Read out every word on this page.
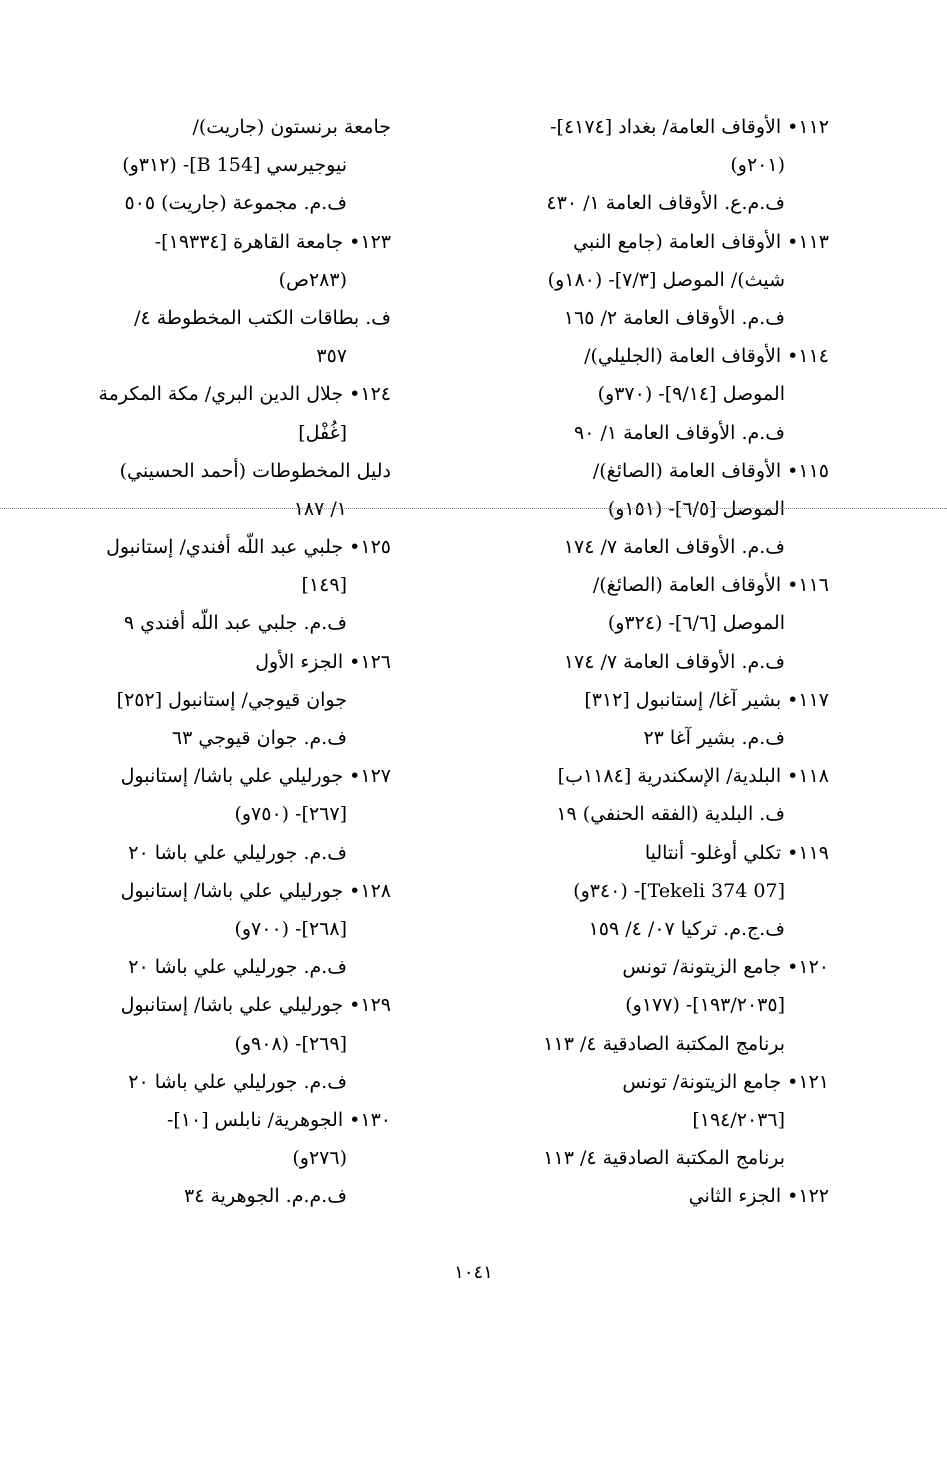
١١٢• الأوقاف العامة/ بغداد [٤١٧٤]-
(٢٠١و)
ف.م.ع. الأوقاف العامة ١/ ٤٣٠
١١٣• الأوقاف العامة (جامع النبي
شيث)/ الموصل [٧/٣]- (١٨٠و)
ف.م. الأوقاف العامة ٢/ ١٦٥
١١٤• الأوقاف العامة (الجليلي)/
الموصل [٩/١٤]- (٣٧٠و)
ف.م. الأوقاف العامة ١/ ٩٠
١١٥• الأوقاف العامة (الصائغ)/
الموصل [٦/٥]- (١٥١و)
ف.م. الأوقاف العامة ٧/ ١٧٤
١١٦• الأوقاف العامة (الصائغ)/
الموصل [٦/٦]- (٣٢٤و)
ف.م. الأوقاف العامة ٧/ ١٧٤
١١٧• بشير آغا/ إستانبول [٣١٢]
ف.م. بشير آغا ٢٣
١١٨• البلدية/ الإسكندرية [١١٨٤ب]
ف. البلدية (الفقه الحنفي) ١٩
١١٩• تكلي أوغلو- أنتاليا
[07 Tekeli 374]- (٣٤٠و)
ف.ج.م. تركيا ٠٧/ ٤/ ١٥٩
١٢٠• جامع الزيتونة/ تونس
[١٩٣/٢٠٣٥]- (١٧٧و)
برنامج المكتبة الصادقية ٤/ ١١٣
١٢١• جامع الزيتونة/ تونس
[١٩٤/٢٠٣٦]
برنامج المكتبة الصادقية ٤/ ١١٣
١٢٢• الجزء الثاني
جامعة برنستون (جاريت)/
نيوجيرسي [154 B]- (٣١٢و)
ف.م. مجموعة (جاريت) ٥٠٥
١٢٣• جامعة القاهرة [١٩٣٣٤]-
(٢٨٣ص)
ف. بطاقات الكتب المخطوطة ٤/
٣٥٧
١٢٤• جلال الدين البري/ مكة المكرمة
[غُفْل]
دليل المخطوطات (أحمد الحسيني)
١/ ١٨٧
١٢٥• جلبي عبد اللّه أفندي/ إستانبول
[١٤٩]
ف.م. جلبي عبد اللّه أفندي ٩
١٢٦• الجزء الأول
جوان قيوجي/ إستانبول [٢٥٢]
ف.م. جوان قيوجي ٦٣
١٢٧• جورليلي علي باشا/ إستانبول
[٢٦٧]- (٧٥٠و)
ف.م. جورليلي علي باشا ٢٠
١٢٨• جورليلي علي باشا/ إستانبول
[٢٦٨]- (٧٠٠و)
ف.م. جورليلي علي باشا ٢٠
١٢٩• جورليلي علي باشا/ إستانبول
[٢٦٩]- (٩٠٨و)
ف.م. جورليلي علي باشا ٢٠
١٣٠• الجوهرية/ نابلس [١٠]-
(٢٧٦و)
ف.م.م. الجوهرية ٣٤
١٠٤١
